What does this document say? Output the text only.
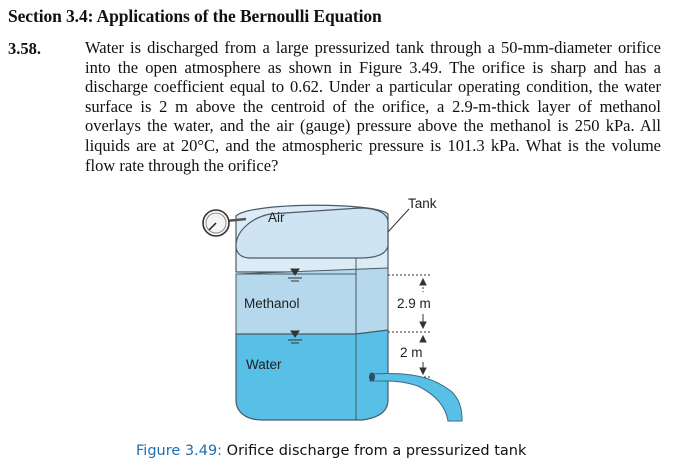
Section 3.4: Applications of the Bernoulli Equation
3.58.	Water is discharged from a large pressurized tank through a 50-mm-diameter orifice into the open atmosphere as shown in Figure 3.49. The orifice is sharp and has a discharge coefficient equal to 0.62. Under a particular operating condition, the water surface is 2 m above the centroid of the orifice, a 2.9-m-thick layer of methanol overlays the water, and the air (gauge) pressure above the methanol is 250 kPa. All liquids are at 20°C, and the atmospheric pressure is 101.3 kPa. What is the volume flow rate through the orifice?
Tank
Air
Methanol
Water
2.9 m
2 m
Figure 3.49: Orifice discharge from a pressurized tank
